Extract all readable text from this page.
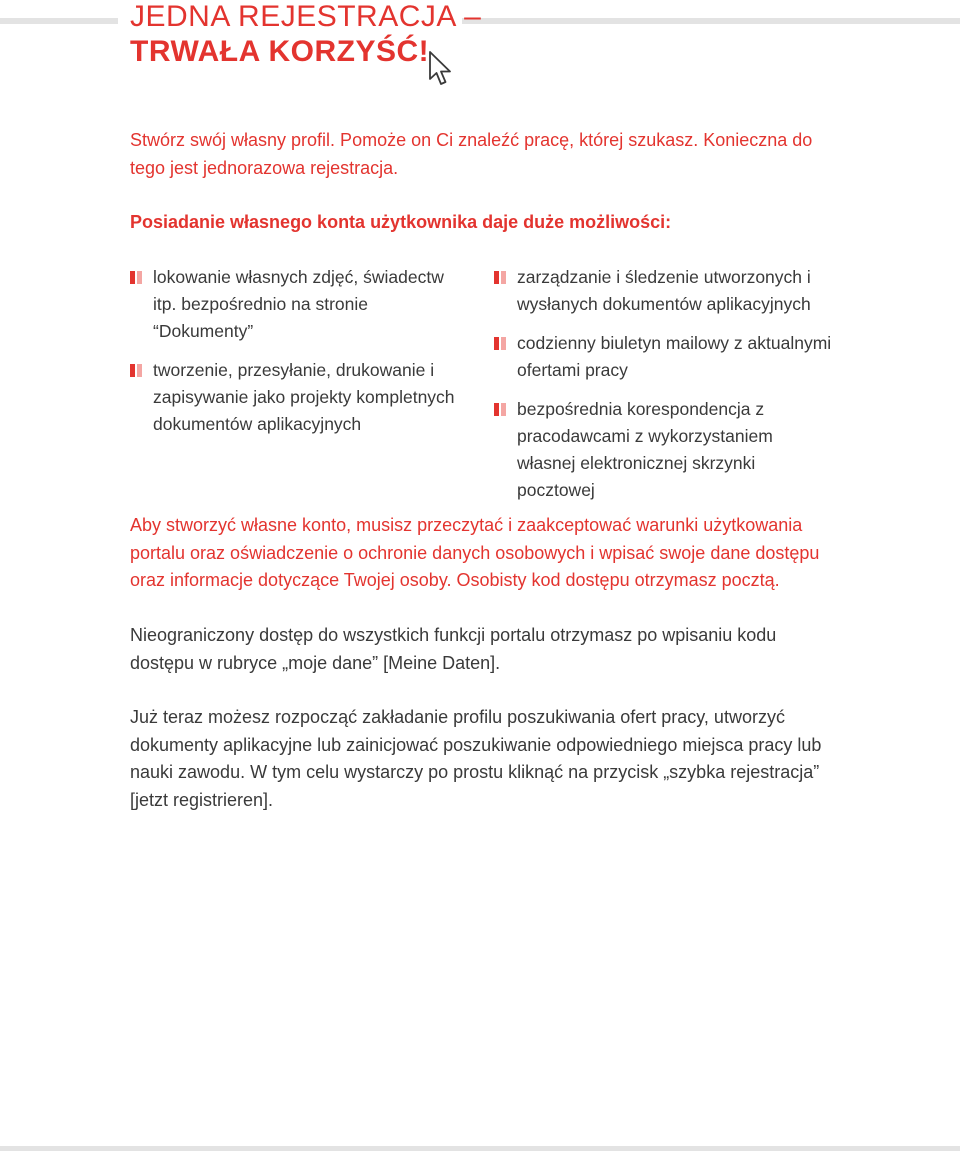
JEDNA REJESTRACJA –
TRWAŁA KORZYŚĆ!
Stwórz swój własny profil. Pomoże on Ci znaleźć pracę, której szukasz. Konieczna do tego jest jednorazowa rejestracja.
Posiadanie własnego konta użytkownika daje duże możliwości:
lokowanie własnych zdjęć, świadectw itp. bezpośrednio na stronie “Dokumenty”
tworzenie, przesyłanie, drukowanie i zapisywanie jako projekty kompletnych dokumentów aplikacyjnych
zarządzanie i śledzenie utworzonych i wysłanych dokumentów aplikacyjnych
codzienny biuletyn mailowy z aktualnymi ofertami pracy
bezpośrednia korespondencja z pracodawcami z wykorzystaniem własnej elektronicznej skrzynki pocztowej
Aby stworzyć własne konto, musisz przeczytać i zaakceptować warunki użytkowania portalu oraz oświadczenie o ochronie danych osobowych i wpisać swoje dane dostępu oraz informacje dotyczące Twojej osoby. Osobisty kod dostępu otrzymasz pocztą.
Nieograniczony dostęp do wszystkich funkcji portalu otrzymasz po wpisaniu kodu dostępu w rubryce „moje dane” [Meine Daten].
Już teraz możesz rozpocząć zakładanie profilu poszukiwania ofert pracy, utworzyć dokumenty aplikacyjne lub zainicjować poszukiwanie odpowiedniego miejsca pracy lub nauki zawodu. W tym celu wystarczy po prostu kliknąć na przycisk „szybka rejestracja” [jetzt registrieren].
